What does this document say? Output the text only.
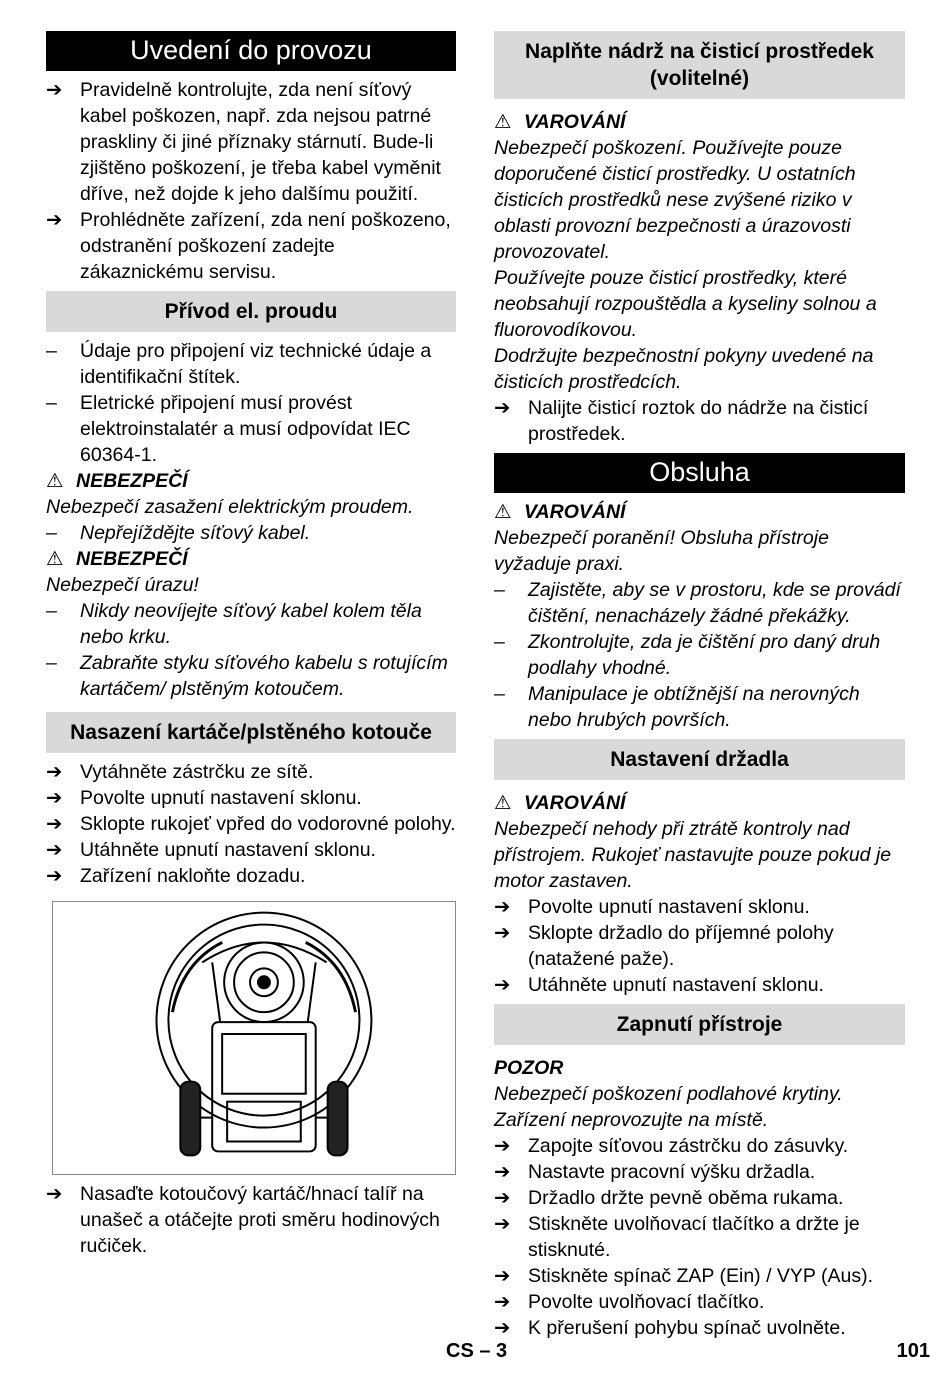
Uvedení do provozu
➔ Pravidelně kontrolujte, zda není síťový kabel poškozen, např. zda nejsou patrné praskliny či jiné příznaky stárnutí. Bude-li zjištěno poškození, je třeba kabel vyměnit dříve, než dojde k jeho dalšímu použití.
➔ Prohlédněte zařízení, zda není poškozeno, odstranění poškození zadejte zákaznickému servisu.
Přívod el. proudu
–	Údaje pro připojení viz technické údaje a identifikační štítek.
–	Eletrické připojení musí provést elektroinstalatér a musí odpovídat IEC 60364-1.
⚠ NEBEZPEČÍ
Nebezpečí zasažení elektrickým proudem.
–	Nepřejíždějte síťový kabel.
⚠ NEBEZPEČÍ
Nebezpečí úrazu!
–	Nikdy neovíjejte síťový kabel kolem těla nebo krku.
–	Zabraňte styku síťového kabelu s rotujícím kartáčem/ plstěným kotoučem.
Nasazení kartáče/plstěného kotouče
➔ Vytáhněte zástrčku ze sítě.
➔ Povolte upnutí nastavení sklonu.
➔ Sklopte rukojeť vpřed do vodorovné polohy.
➔ Utáhněte upnutí nastavení sklonu.
➔ Zařízení nakloňte dozadu.
➔ Nasaďte kotoučový kartáč/hnací talíř na unašeč a otáčejte proti směru hodinových ručiček.
Naplňte nádrž na čisticí prostředek (volitelné)
⚠ VAROVÁNÍ
Nebezpečí poškození. Používejte pouze doporučené čisticí prostředky. U ostatních čisticích prostředků nese zvýšené riziko v oblasti provozní bezpečnosti a úrazovosti provozovatel.
Používejte pouze čisticí prostředky, které neobsahují rozpouštědla a kyseliny solnou a fluorovodíkovou.
Dodržujte bezpečnostní pokyny uvedené na čisticích prostředcích.
➔ Nalijte čisticí roztok do nádrže na čisticí prostředek.
Obsluha
⚠ VAROVÁNÍ
Nebezpečí poranění! Obsluha přístroje vyžaduje praxi.
–	Zajistěte, aby se v prostoru, kde se provádí čištění, nenacházely žádné překážky.
–	Zkontrolujte, zda je čištění pro daný druh podlahy vhodné.
–	Manipulace je obtížnější na nerovných nebo hrubých površích.
Nastavení držadla
⚠ VAROVÁNÍ
Nebezpečí nehody při ztrátě kontroly nad přístrojem. Rukojeť nastavujte pouze pokud je motor zastaven.
➔ Povolte upnutí nastavení sklonu.
➔ Sklopte držadlo do příjemné polohy (natažené paže).
➔ Utáhněte upnutí nastavení sklonu.
Zapnutí přístroje
POZOR
Nebezpečí poškození podlahové krytiny.
Zařízení neprovozujte na místě.
➔ Zapojte síťovou zástrčku do zásuvky.
➔ Nastavte pracovní výšku držadla.
➔ Držadlo držte pevně oběma rukama.
➔ Stiskněte uvolňovací tlačítko a držte je stisknuté.
➔ Stiskněte spínač ZAP (Ein) / VYP (Aus).
➔ Povolte uvolňovací tlačítko.
➔ K přerušení pohybu spínač uvolněte.
CS – 3	101
